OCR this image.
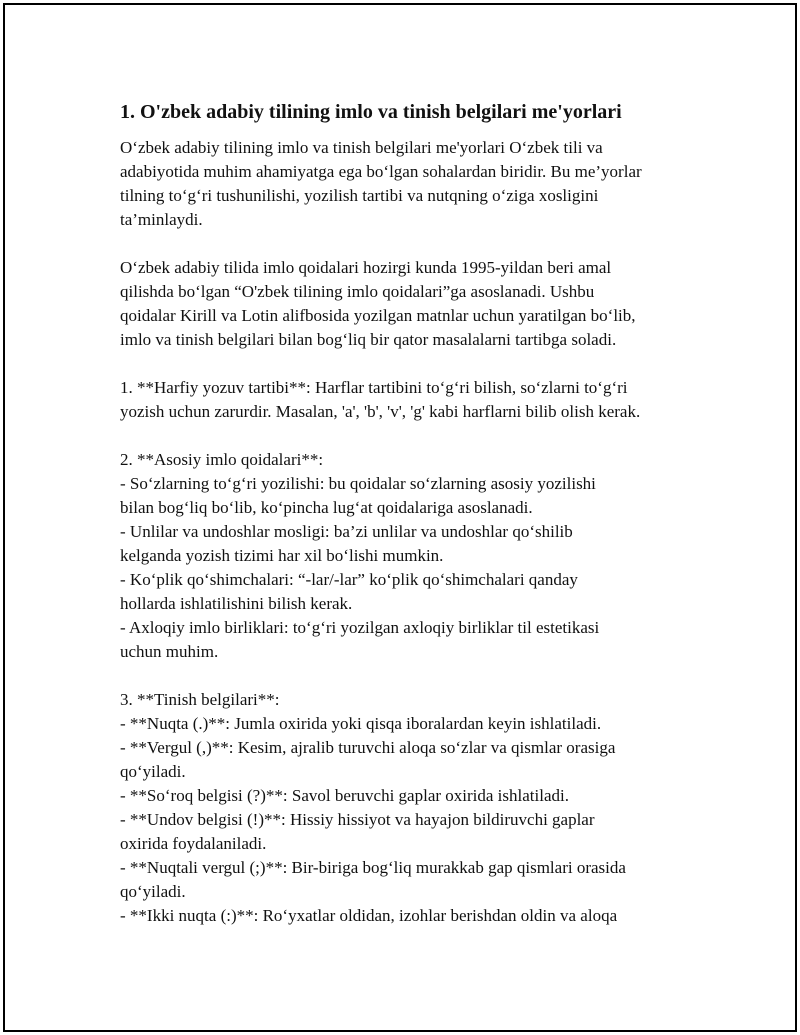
1. O'zbek adabiy tilining imlo va tinish belgilari me'yorlari

O‘zbek adabiy tilining imlo va tinish belgilari me'yorlari O‘zbek tili va
adabiyotida muhim ahamiyatga ega bo‘lgan sohalardan biridir. Bu me’yorlar
tilning to‘g‘ri tushunilishi, yozilish tartibi va nutqning o‘ziga xosligini
ta’minlaydi.

O‘zbek adabiy tilida imlo qoidalari hozirgi kunda 1995-yildan beri amal
qilishda bo‘lgan “O'zbek tilining imlo qoidalari”ga asoslanadi. Ushbu
qoidalar Kirill va Lotin alifbosida yozilgan matnlar uchun yaratilgan bo‘lib,
imlo va tinish belgilari bilan bog‘liq bir qator masalalarni tartibga soladi.

1. **Harfiy yozuv tartibi**: Harflar tartibini to‘g‘ri bilish, so‘zlarni to‘g‘ri
yozish uchun zarurdir. Masalan, 'a', 'b', 'v', 'g' kabi harflarni bilib olish kerak.

2. **Asosiy imlo qoidalari**:
- So‘zlarning to‘g‘ri yozilishi: bu qoidalar so‘zlarning asosiy yozilishi
bilan bog‘liq bo‘lib, ko‘pincha lug‘at qoidalariga asoslanadi.
- Unlilar va undoshlar mosligi: ba’zi unlilar va undoshlar qo‘shilib
kelganda yozish tizimi har xil bo‘lishi mumkin.
- Ko‘plik qo‘shimchalari: “-lar/-lar” ko‘plik qo‘shimchalari qanday
hollarda ishlatilishini bilish kerak.
- Axloqiy imlo birliklari: to‘g‘ri yozilgan axloqiy birliklar til estetikasi
uchun muhim.

3. **Tinish belgilari**:
- **Nuqta (.)**: Jumla oxirida yoki qisqa iboralardan keyin ishlatiladi.
- **Vergul (,)**: Kesim, ajralib turuvchi aloqa so‘zlar va qismlar orasiga
qo‘yiladi.
- **So‘roq belgisi (?)**: Savol beruvchi gaplar oxirida ishlatiladi.
- **Undov belgisi (!)**: Hissiy hissiyot va hayajon bildiruvchi gaplar
oxirida foydalaniladi.
- **Nuqtali vergul (;)**: Bir-biriga bog‘liq murakkab gap qismlari orasida
qo‘yiladi.
- **Ikki nuqta (:)**: Ro‘yxatlar oldidan, izohlar berishdan oldin va aloqa
